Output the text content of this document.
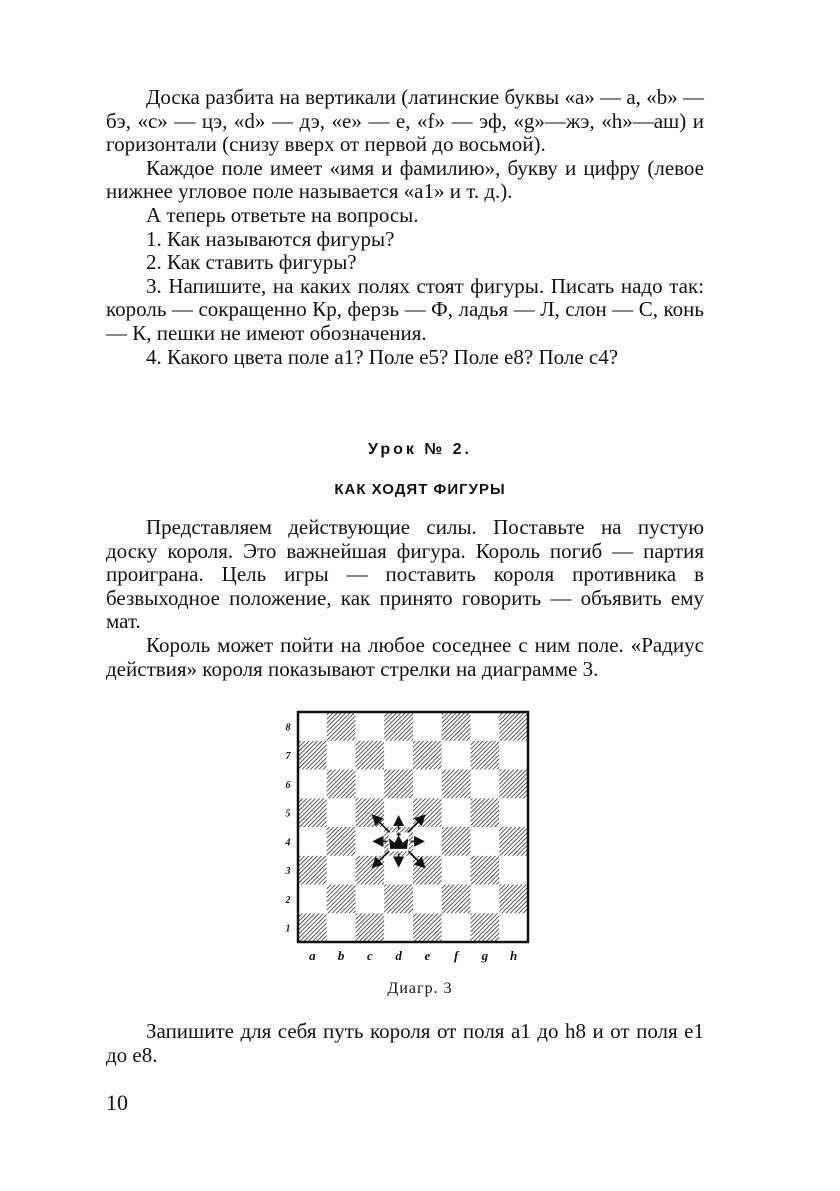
Доска разбита на вертикали (латинские буквы «а» — а, «b» — бэ, «с» — цэ, «d» — дэ, «е» — е, «f» — эф, «g»—жэ, «h»—аш) и горизонтали (снизу вверх от первой до восьмой).

Каждое поле имеет «имя и фамилию», букву и цифру (левое нижнее угловое поле называется «а1» и т. д.).

А теперь ответьте на вопросы.

1. Как называются фигуры?

2. Как ставить фигуры?

3. Напишите, на каких полях стоят фигуры. Писать надо так: король — сокращенно Кр, ферзь — Ф, ладья — Л, слон — С, конь — К, пешки не имеют обозначения.

4. Какого цвета поле а1? Поле е5? Поле е8? Поле с4?

Урок № 2.
КАК ХОДЯТ ФИГУРЫ

Представляем действующие силы. Поставьте на пустую доску короля. Это важнейшая фигура. Король погиб — партия проиграна. Цель игры — поставить короля противника в безвыходное положение, как принято говорить — объявить ему мат.

Король может пойти на любое соседнее с ним поле. «Радиус действия» короля показывают стрелки на диаграмме 3.

1
2
3
4
5
6
7
8
a b c d e f g h
Диагр. 3

Запишите для себя путь короля от поля а1 до h8 и от поля е1 до е8.

10
